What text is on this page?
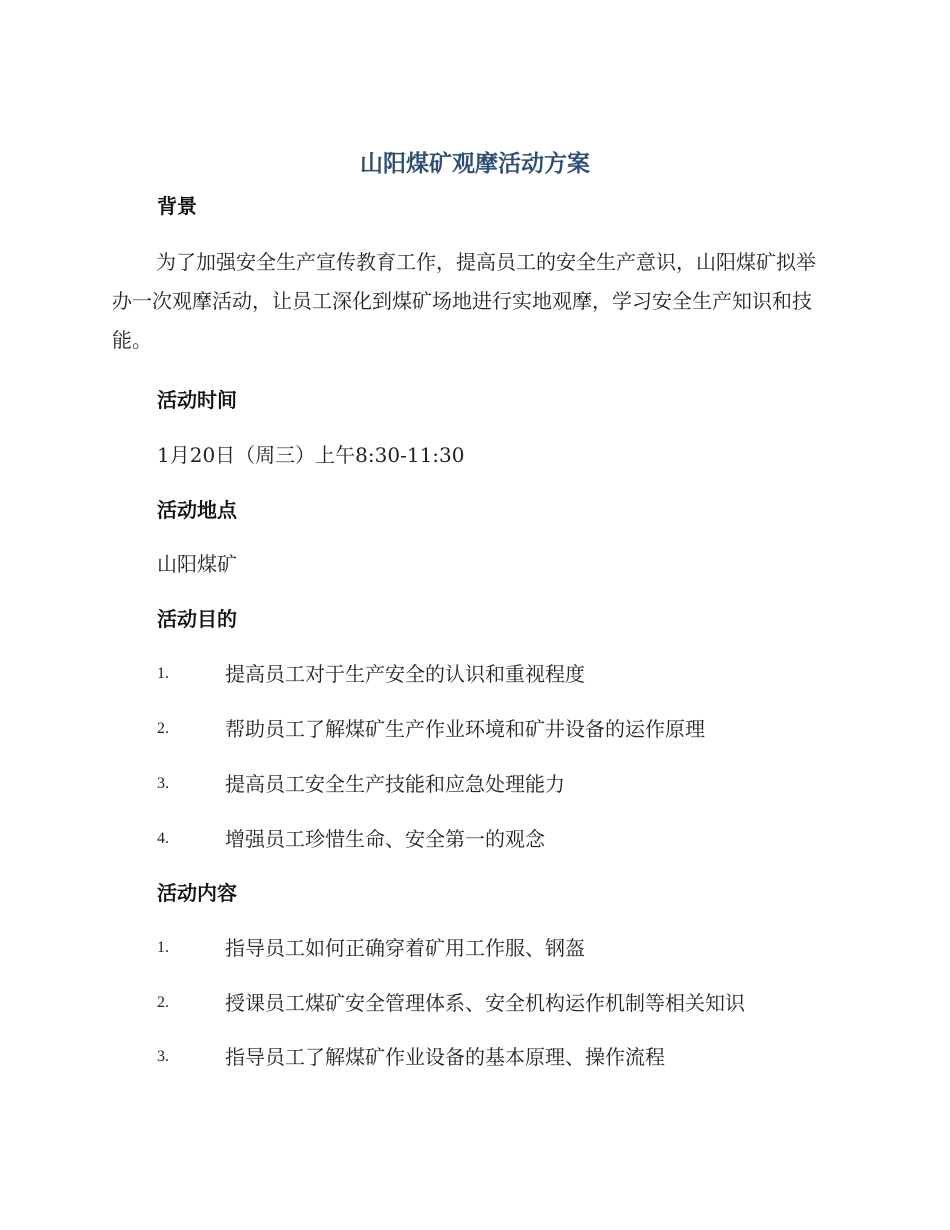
山阳煤矿观摩活动方案
背景

为了加强安全生产宣传教育工作，提高员工的安全生产意识，山阳煤矿拟举办一次观摩活动，让员工深化到煤矿场地进行实地观摩，学习安全生产知识和技能。

活动时间
1月20日（周三）上午8:30-11:30
活动地点
山阳煤矿
活动目的
1.	提高员工对于生产安全的认识和重视程度
2.	帮助员工了解煤矿生产作业环境和矿井设备的运作原理
3.	提高员工安全生产技能和应急处理能力
4.	增强员工珍惜生命、安全第一的观念
活动内容
1.	指导员工如何正确穿着矿用工作服、钢盔
2.	授课员工煤矿安全管理体系、安全机构运作机制等相关知识
3.	指导员工了解煤矿作业设备的基本原理、操作流程
